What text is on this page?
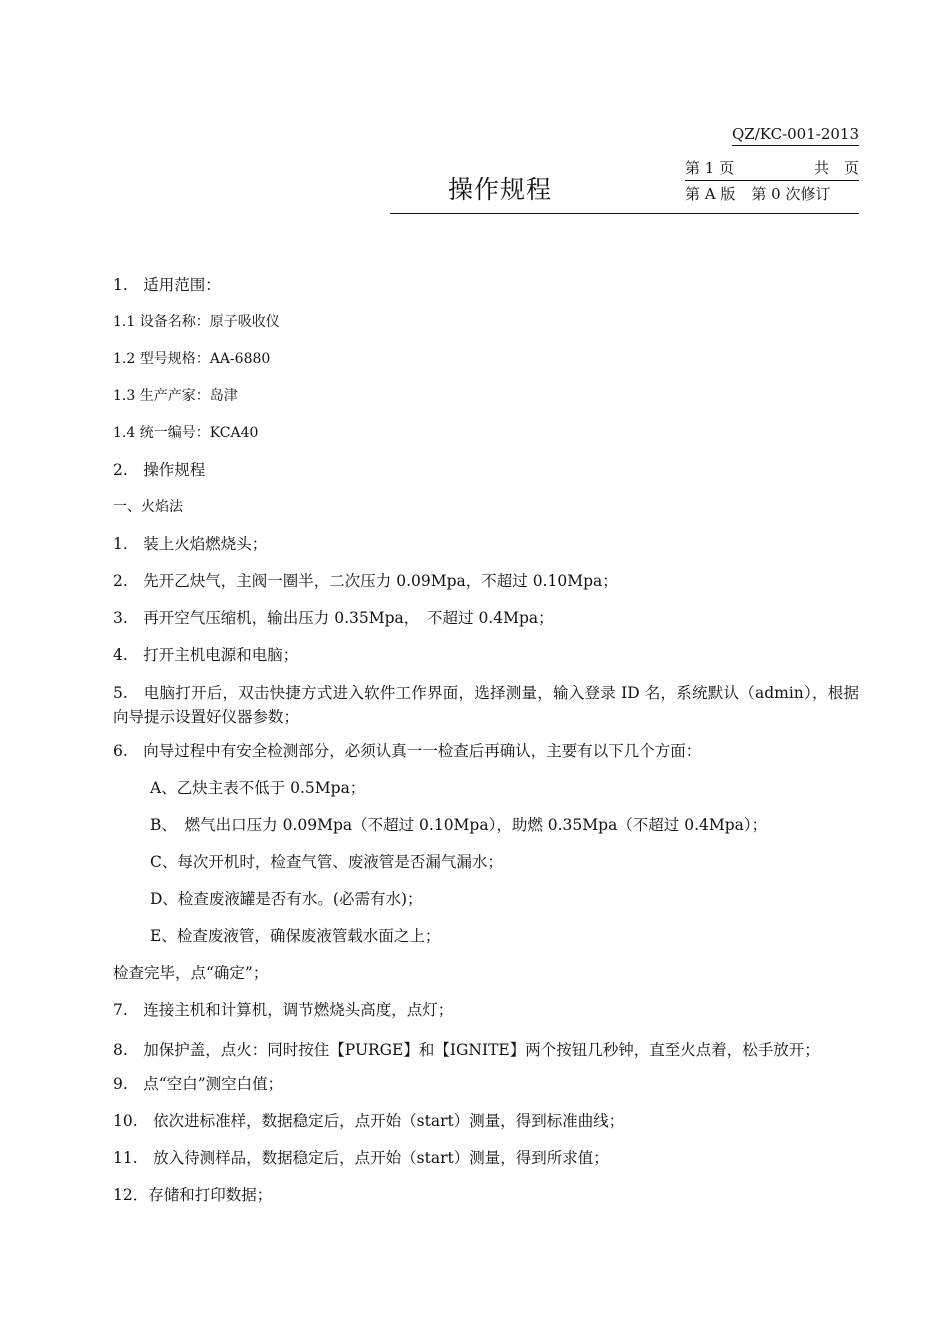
QZ/KC-001-2013
第 1 页	共　页
第 A 版 第 0 次修订
操作规程
1.　适用范围：
1.1 设备名称：原子吸收仪
1.2 型号规格：AA-6880
1.3 生产产家：岛津
1.4 统一编号：KCA40
2.　操作规程
一、火焰法
1.　装上火焰燃烧头；
2.　先开乙炔气，主阀一圈半，二次压力 0.09Mpa，不超过 0.10Mpa；
3.　再开空气压缩机，输出压力 0.35Mpa，　不超过 0.4Mpa；
4.　打开主机电源和电脑；
5.　电脑打开后，双击快捷方式进入软件工作界面，选择测量，输入登录 ID 名，系统默认（admin），根据向导提示设置好仪器参数；
6.　向导过程中有安全检测部分，必须认真一一检查后再确认，主要有以下几个方面：
A、乙炔主表不低于 0.5Mpa；
B、　燃气出口压力 0.09Mpa（不超过 0.10Mpa），助燃 0.35Mpa（不超过 0.4Mpa）；
C、每次开机时，检查气管、废液管是否漏气漏水；
D、检查废液罐是否有水。(必需有水)；
E、检查废液管，确保废液管载水面之上；
检查完毕，点“确定”；
7.　连接主机和计算机，调节燃烧头高度，点灯；
8.　加保护盖，点火：同时按住【PURGE】和【IGNITE】两个按钮几秒钟，直至火点着，松手放开；
9.　点“空白”测空白值；
10.　依次进标准样，数据稳定后，点开始（start）测量，得到标准曲线；
11.　放入待测样品，数据稳定后，点开始（start）测量，得到所求值；
12．存储和打印数据；
